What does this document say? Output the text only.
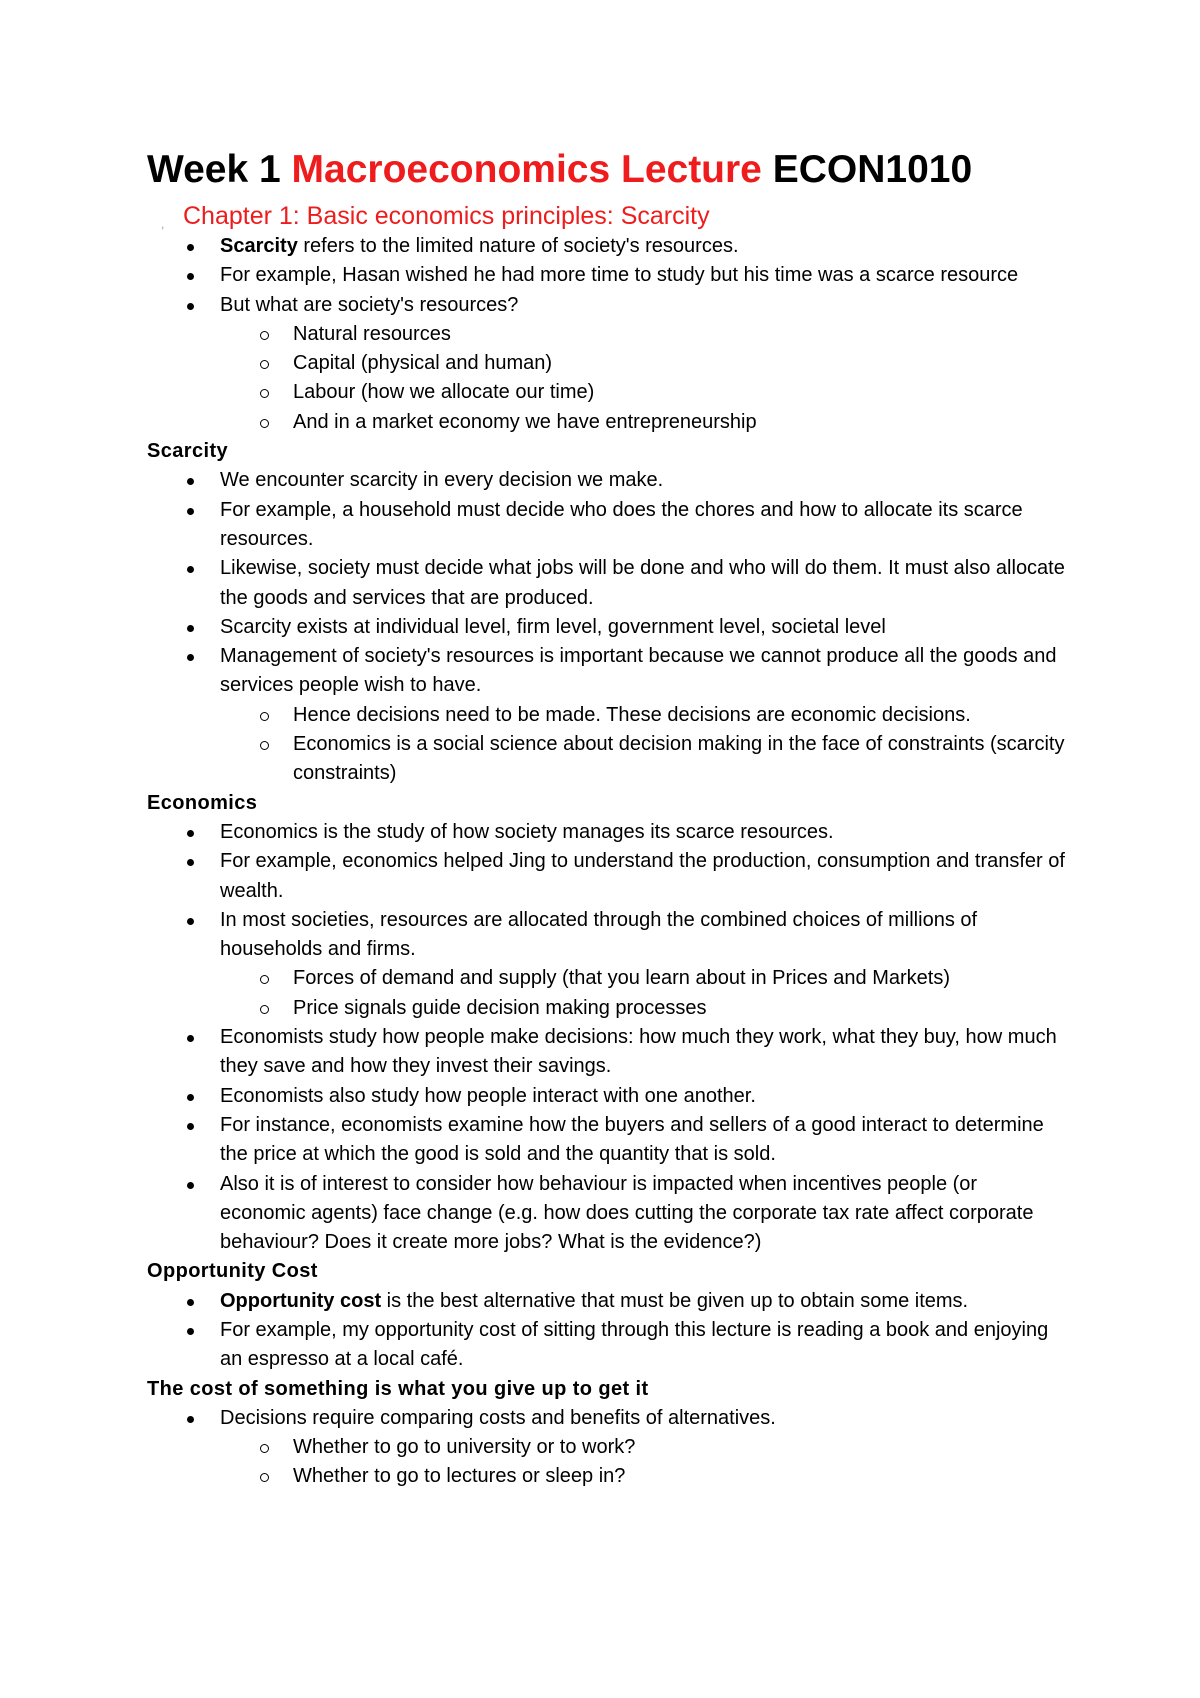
Week 1 Macroeconomics Lecture ECON1010
, Chapter 1: Basic economics principles: Scarcity
Scarcity refers to the limited nature of society's resources.
For example, Hasan wished he had more time to study but his time was a scarce resource
But what are society's resources?
Natural resources
Capital (physical and human)
Labour (how we allocate our time)
And in a market economy we have entrepreneurship
Scarcity
We encounter scarcity in every decision we make.
For example, a household must decide who does the chores and how to allocate its scarce resources.
Likewise, society must decide what jobs will be done and who will do them. It must also allocate the goods and services that are produced.
Scarcity exists at individual level, firm level, government level, societal level
Management of society's resources is important because we cannot produce all the goods and services people wish to have.
Hence decisions need to be made. These decisions are economic decisions.
Economics is a social science about decision making in the face of constraints (scarcity constraints)
Economics
Economics is the study of how society manages its scarce resources.
For example, economics helped Jing to understand the production, consumption and transfer of wealth.
In most societies, resources are allocated through the combined choices of millions of households and firms.
Forces of demand and supply (that you learn about in Prices and Markets)
Price signals guide decision making processes
Economists study how people make decisions: how much they work, what they buy, how much they save and how they invest their savings.
Economists also study how people interact with one another.
For instance, economists examine how the buyers and sellers of a good interact to determine the price at which the good is sold and the quantity that is sold.
Also it is of interest to consider how behaviour is impacted when incentives people (or economic agents) face change (e.g. how does cutting the corporate tax rate affect corporate behaviour? Does it create more jobs? What is the evidence?)
Opportunity Cost
Opportunity cost is the best alternative that must be given up to obtain some items.
For example, my opportunity cost of sitting through this lecture is reading a book and enjoying an espresso at a local café.
The cost of something is what you give up to get it
Decisions require comparing costs and benefits of alternatives.
Whether to go to university or to work?
Whether to go to lectures or sleep in?
